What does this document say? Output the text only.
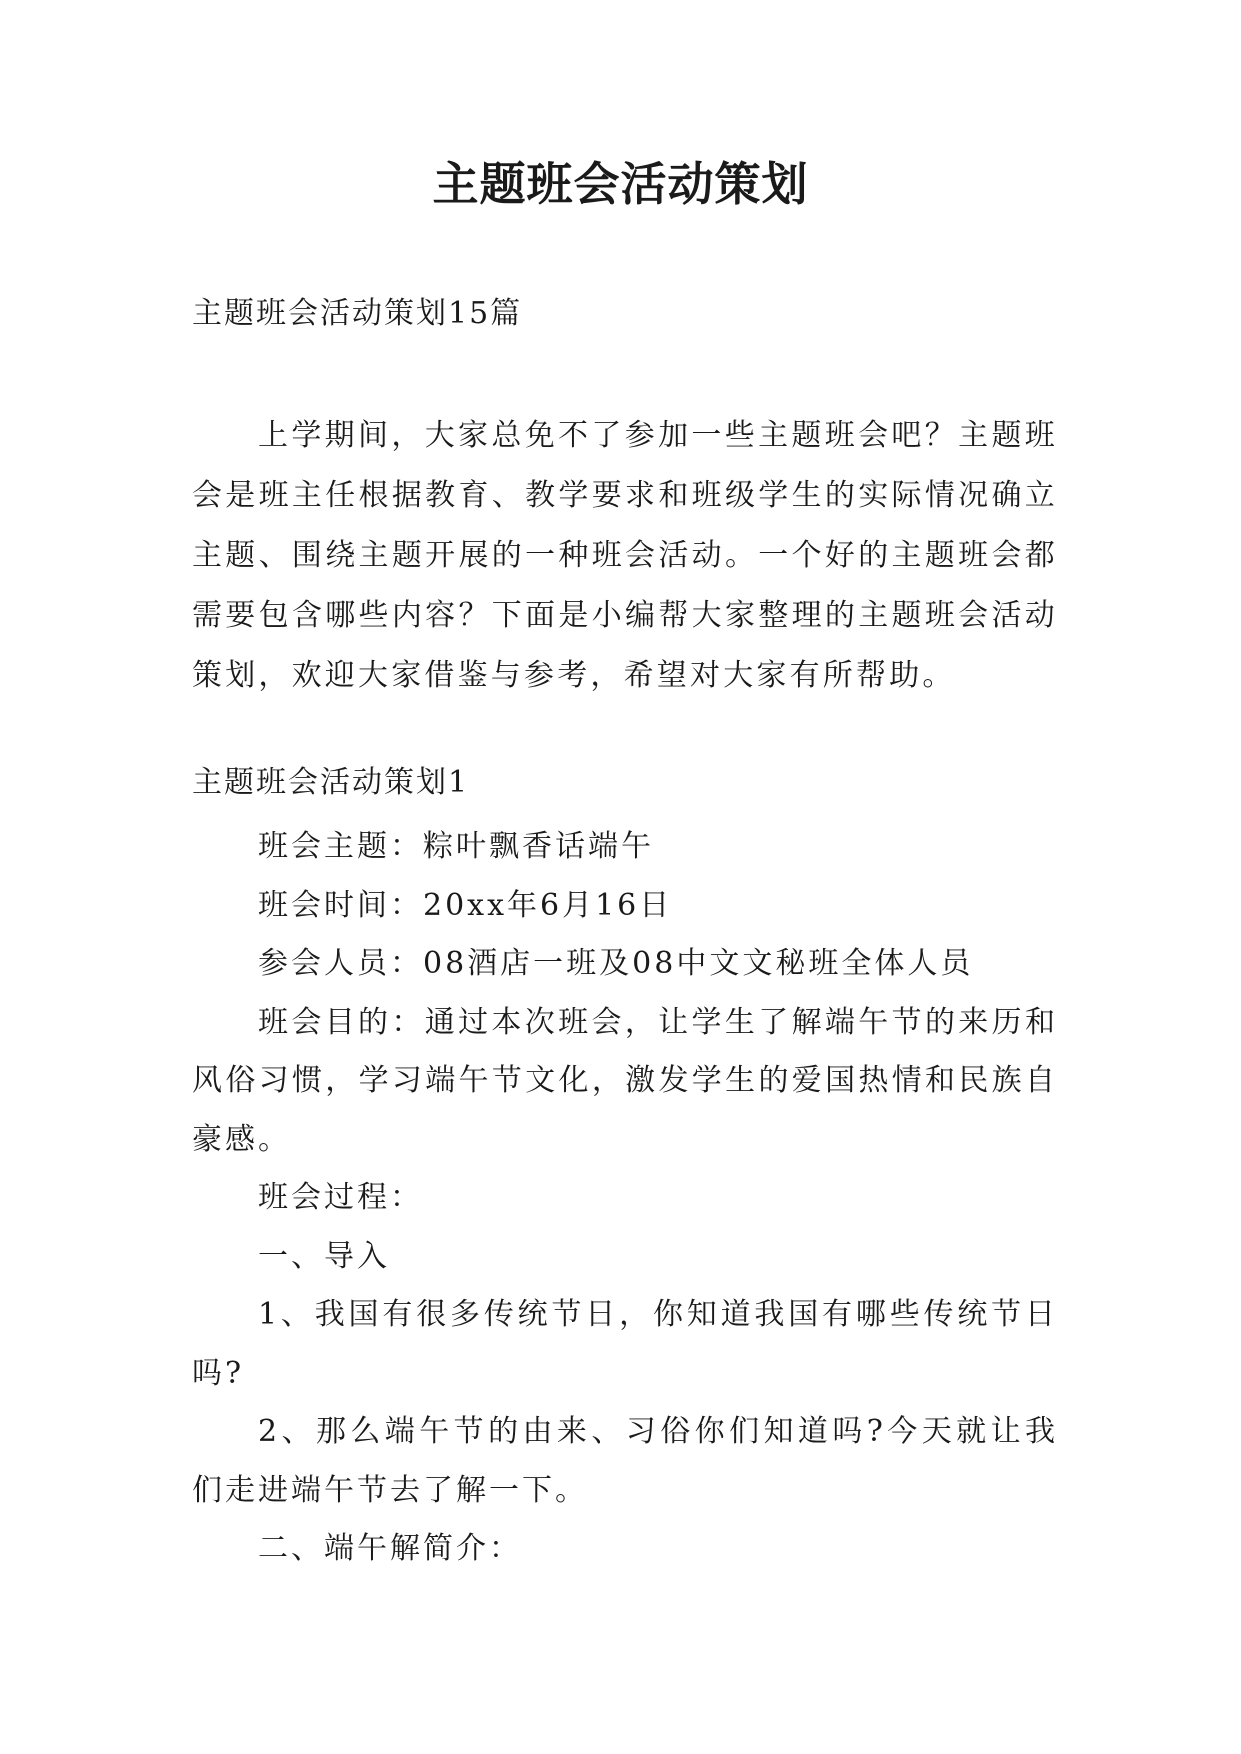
主题班会活动策划
主题班会活动策划15篇

上学期间，大家总免不了参加一些主题班会吧？主题班会是班主任根据教育、教学要求和班级学生的实际情况确立主题、围绕主题开展的一种班会活动。一个好的主题班会都需要包含哪些内容？下面是小编帮大家整理的主题班会活动策划，欢迎大家借鉴与参考，希望对大家有所帮助。

主题班会活动策划1

班会主题：粽叶飘香话端午

班会时间：20xx年6月16日

参会人员：08酒店一班及08中文文秘班全体人员

班会目的：通过本次班会，让学生了解端午节的来历和风俗习惯，学习端午节文化，激发学生的爱国热情和民族自豪感。

班会过程：

一、导入

1、我国有很多传统节日，你知道我国有哪些传统节日吗?

2、那么端午节的由来、习俗你们知道吗?今天就让我们走进端午节去了解一下。

二、端午解简介：
